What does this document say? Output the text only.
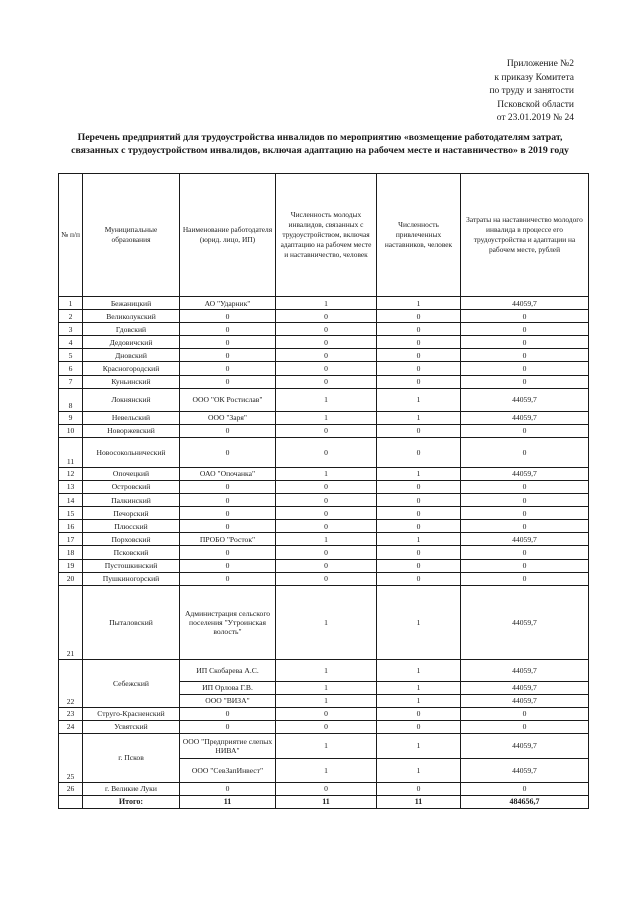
Приложение №2
к приказу Комитета
по труду и занятости
Псковской области
от 23.01.2019 № 24
Перечень предприятий для трудоустройства инвалидов по мероприятию «возмещение работодателям затрат, связанных с трудоустройством инвалидов, включая адаптацию на рабочем месте и наставничество» в 2019 году
№ п/п	Муниципальные образования	Наименование работодателя (юрид. лицо, ИП)	Численность молодых инвалидов, связанных с трудоустройством, включая адаптацию на рабочем месте и наставничество, человек	Численность привлеченных наставников, человек	Затраты на наставничество молодого инвалида в процессе его трудоустройства и адаптации на рабочем месте, рублей
1	Бежаницкий	АО "Ударник"	1	1	44059,7
2	Великолукский	0	0	0	0
3	Гдовский	0	0	0	0
4	Дедовичский	0	0	0	0
5	Дновский	0	0	0	0
6	Красногородский	0	0	0	0
7	Куньинский	0	0	0	0
8	Локнянский	ООО "ОК Ростислав"	1	1	44059,7
9	Невельский	ООО "Заря"	1	1	44059,7
10	Новоржевский	0	0	0	0
11	Новосокольнический	0	0	0	0
12	Опочецкий	ОАО "Опочанка"	1	1	44059,7
13	Островский	0	0	0	0
14	Палкинский	0	0	0	0
15	Печорский	0	0	0	0
16	Плюсский	0	0	0	0
17	Порховский	ПРОБО "Росток"	1	1	44059,7
18	Псковский	0	0	0	0
19	Пустошкинский	0	0	0	0
20	Пушкиногорский	0	0	0	0
21	Пыталовский	Администрация сельского поселения "Утроинская волость"	1	1	44059,7
22	Себежский	ИП Скобарева А.С.	1	1	44059,7
		ИП Орлова Г.В.	1	1	44059,7
		ООО "ВИЗА"	1	1	44059,7
23	Струго-Красненский	0	0	0	0
24	Усвятский	0	0	0	0
25	г. Псков	ООО "Предприятие слепых НИВА"	1	1	44059,7
		ООО "СевЗапИнвест"	1	1	44059,7
26	г. Великие Луки	0	0	0	0
	Итого:	11	11	11	484656,7
